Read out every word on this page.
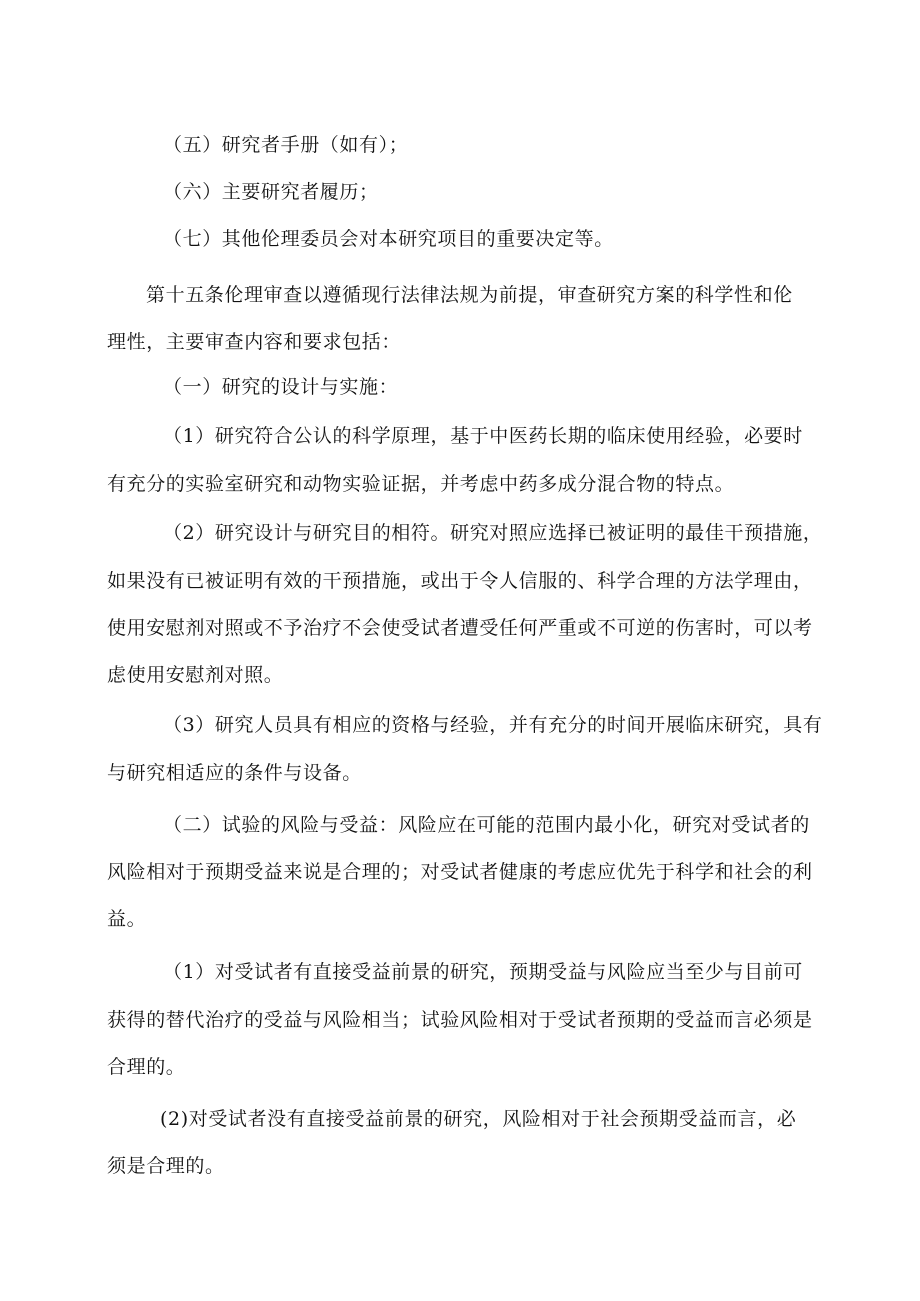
（五）研究者手册（如有）；
（六）主要研究者履历；
（七）其他伦理委员会对本研究项目的重要决定等。
第十五条伦理审查以遵循现行法律法规为前提，审查研究方案的科学性和伦
理性，主要审查内容和要求包括：
（一）研究的设计与实施：
（1）研究符合公认的科学原理，基于中医药长期的临床使用经验，必要时
有充分的实验室研究和动物实验证据，并考虑中药多成分混合物的特点。
（2）研究设计与研究目的相符。研究对照应选择已被证明的最佳干预措施，
如果没有已被证明有效的干预措施，或出于令人信服的、科学合理的方法学理由，
使用安慰剂对照或不予治疗不会使受试者遭受任何严重或不可逆的伤害时，可以考
虑使用安慰剂对照。
（3）研究人员具有相应的资格与经验，并有充分的时间开展临床研究，具有
与研究相适应的条件与设备。
（二）试验的风险与受益：风险应在可能的范围内最小化，研究对受试者的
风险相对于预期受益来说是合理的；对受试者健康的考虑应优先于科学和社会的利
益。
（1）对受试者有直接受益前景的研究，预期受益与风险应当至少与目前可
获得的替代治疗的受益与风险相当；试验风险相对于受试者预期的受益而言必须是
合理的。
(2)对受试者没有直接受益前景的研究，风险相对于社会预期受益而言，必
须是合理的。
